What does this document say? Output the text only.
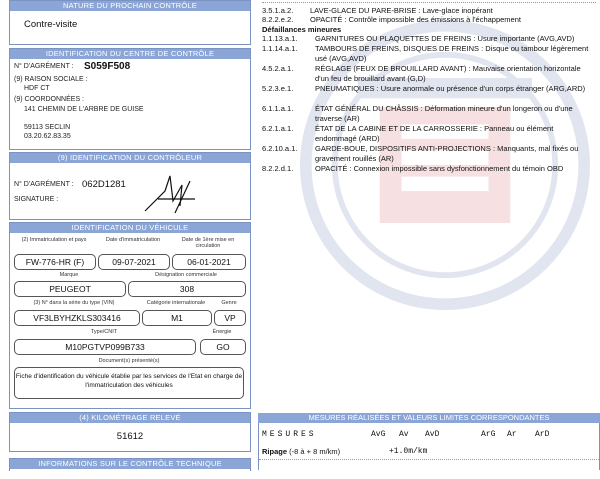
NATURE DU PROCHAIN CONTRÔLE
Contre-visite
IDENTIFICATION DU CENTRE DE CONTRÔLE
N° D'AGRÉMENT : S059F508
(9) RAISON SOCIALE :
HDF CT
(9) COORDONNÉES :
141 CHEMIN DE L'ARBRE DE GUISE
59113 SECLIN
03.20.62.83.35
(9) IDENTIFICATION DU CONTRÔLEUR
N° D'AGRÉMENT : 062D1281
SIGNATURE :
IDENTIFICATION DU VÉHICULE
(2) Immatriculation et pays	Date d'immatriculation	Date de 1ère mise en circulation
FW-776-HR (F)	09-07-2021	06-01-2021
Marque	Désignation commerciale
PEUGEOT	308
(3) N° dans la série du type (VIN)	Catégorie internationale	Genre
VF3LBYHZKLS303416	M1	VP
Type/CNIT	Énergie
M10PGTVP099B733	GO
Document(s) présenté(s)
Fiche d'identification du véhicule établie par les services de l'Etat en charge de l'immatriculation des véhicules
(4) KILOMÉTRAGE RELEVÉ
51612
INFORMATIONS SUR LE CONTRÔLE TECHNIQUE DÉFAVORABLE
3.5.1.a.2. LAVE-GLACE DU PARE-BRISE : Lave-glace inopérant
8.2.2.e.2. OPACITÉ : Contrôle impossible des émissions à l'échappement
Défaillances mineures
1.1.13.a.1. GARNITURES OU PLAQUETTES DE FREINS : Usure importante (AVG,AVD)
1.1.14.a.1.	TAMBOURS DE FREINS, DISQUES DE FREINS : Disque ou tambour légèrement usé (AVG,AVD)
4.5.2.a.1.	RÉGLAGE (FEUX DE BROUILLARD AVANT) : Mauvaise orientation horizontale d'un feu de brouillard avant (G,D)
5.2.3.e.1.	PNEUMATIQUES : Usure anormale ou présence d'un corps étranger (ARG,ARD)
6.1.1.a.1.	ÉTAT GÉNÉRAL DU CHÂSSIS : Déformation mineure d'un longeron ou d'une traverse (AR)
6.2.1.a.1.	ÉTAT DE LA CABINE ET DE LA CARROSSERIE : Panneau ou élément endommagé (ARD)
6.2.10.a.1.	GARDE-BOUE, DISPOSITIFS ANTI-PROJECTIONS : Manquants, mal fixés ou gravement rouillés (AR)
8.2.2.d.1.	OPACITÉ : Connexion impossible sans dysfonctionnement du témoin OBD
MESURES RÉALISÉES ET VALEURS LIMITES CORRESPONDANTES
MESURES	AvG Av AvD	ArG Ar ArD
Ripage (-8 à + 8 m/km)	+1.0m/km
